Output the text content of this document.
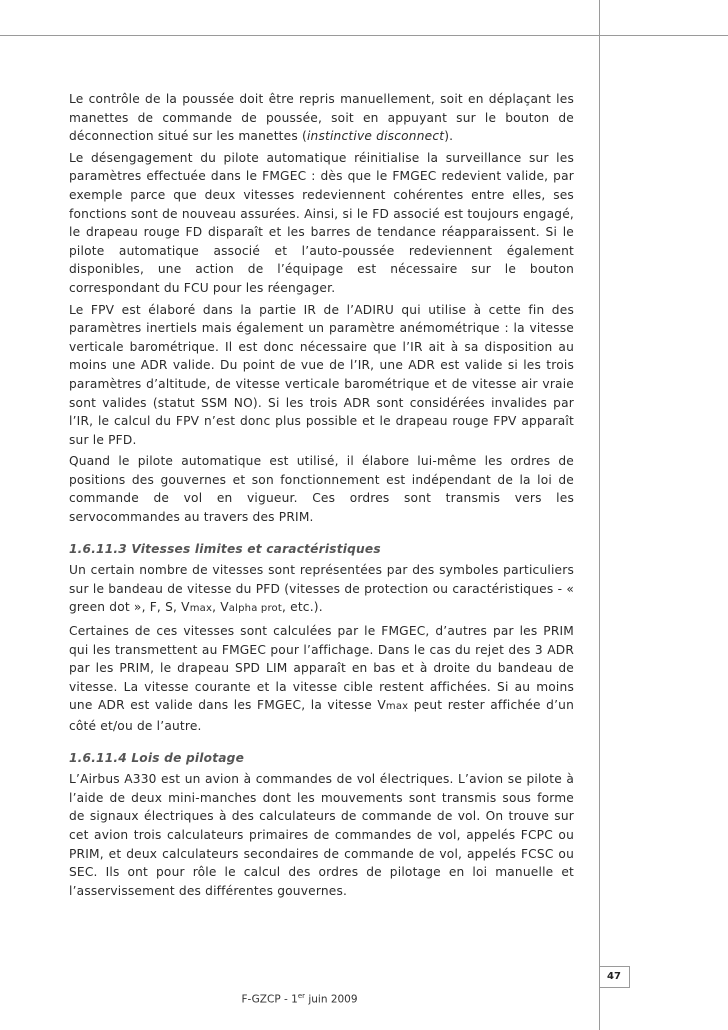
Le contrôle de la poussée doit être repris manuellement, soit en déplaçant les manettes de commande de poussée, soit en appuyant sur le bouton de déconnection situé sur les manettes (instinctive disconnect).

Le désengagement du pilote automatique réinitialise la surveillance sur les paramètres effectuée dans le FMGEC : dès que le FMGEC redevient valide, par exemple parce que deux vitesses redeviennent cohérentes entre elles, ses fonctions sont de nouveau assurées. Ainsi, si le FD associé est toujours engagé, le drapeau rouge FD disparaît et les barres de tendance réapparaissent. Si le pilote automatique associé et l’auto-poussée redeviennent également disponibles, une action de l’équipage est nécessaire sur le bouton correspondant du FCU pour les réengager.

Le FPV est élaboré dans la partie IR de l’ADIRU qui utilise à cette fin des paramètres inertiels mais également un paramètre anémométrique : la vitesse verticale barométrique. Il est donc nécessaire que l’IR ait à sa disposition au moins une ADR valide. Du point de vue de l’IR, une ADR est valide si les trois paramètres d’altitude, de vitesse verticale barométrique et de vitesse air vraie sont valides (statut SSM NO). Si les trois ADR sont considérées invalides par l’IR, le calcul du FPV n’est donc plus possible et le drapeau rouge FPV apparaît sur le PFD.

Quand le pilote automatique est utilisé, il élabore lui-même les ordres de positions des gouvernes et son fonctionnement est indépendant de la loi de commande de vol en vigueur. Ces ordres sont transmis vers les servocommandes au travers des PRIM.

1.6.11.3 Vitesses limites et caractéristiques

Un certain nombre de vitesses sont représentées par des symboles particuliers sur le bandeau de vitesse du PFD (vitesses de protection ou caractéristiques - « green dot », F, S, Vmax, Valpha prot, etc.).

Certaines de ces vitesses sont calculées par le FMGEC, d’autres par les PRIM qui les transmettent au FMGEC pour l’affichage. Dans le cas du rejet des 3 ADR par les PRIM, le drapeau SPD LIM apparaît en bas et à droite du bandeau de vitesse. La vitesse courante et la vitesse cible restent affichées. Si au moins une ADR est valide dans les FMGEC, la vitesse Vmax peut rester affichée d’un côté et/ou de l’autre.

1.6.11.4 Lois de pilotage

L’Airbus A330 est un avion à commandes de vol électriques. L’avion se pilote à l’aide de deux mini-manches dont les mouvements sont transmis sous forme de signaux électriques à des calculateurs de commande de vol. On trouve sur cet avion trois calculateurs primaires de commandes de vol, appelés FCPC ou PRIM, et deux calculateurs secondaires de commande de vol, appelés FCSC ou SEC. Ils ont pour rôle le calcul des ordres de pilotage en loi manuelle et l’asservissement des différentes gouvernes.

47
F-GZCP - 1er juin 2009
